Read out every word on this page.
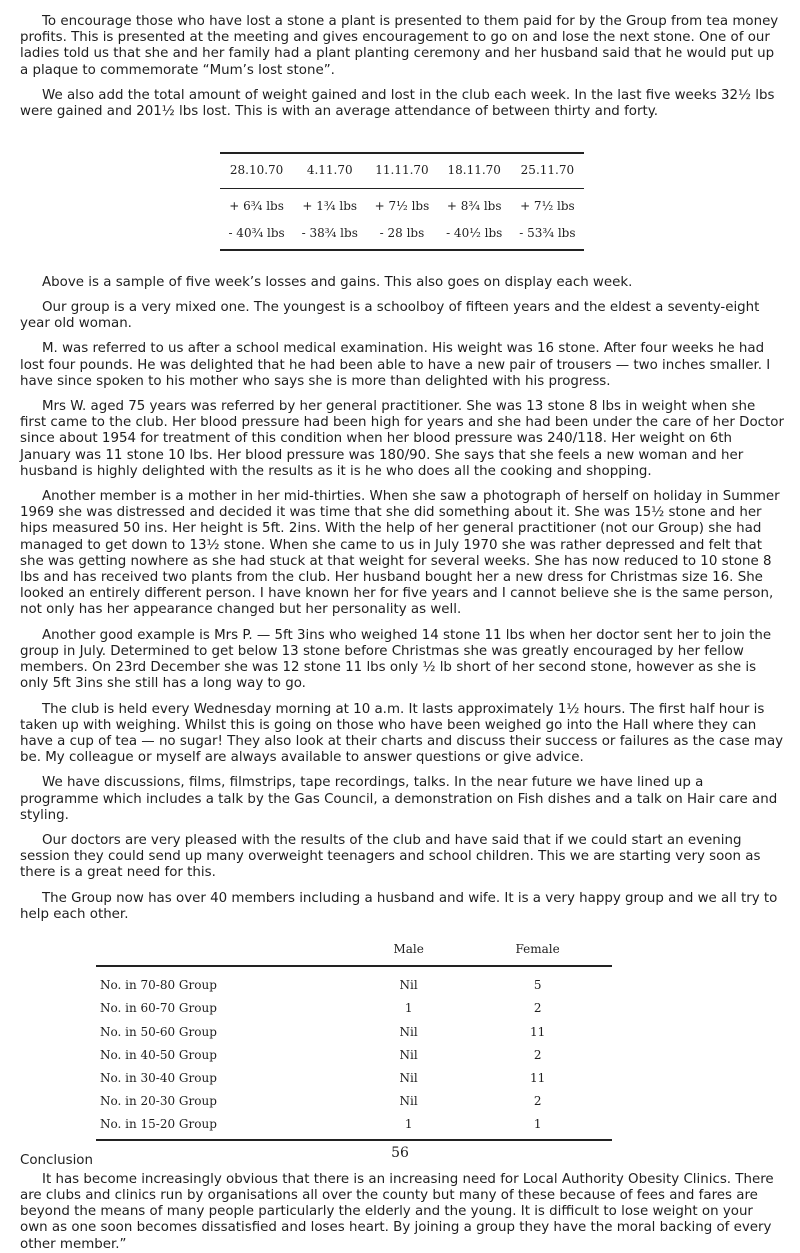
To encourage those who have lost a stone a plant is presented to them paid for by the Group from tea money profits. This is presented at the meeting and gives encouragement to go on and lose the next stone. One of our ladies told us that she and her family had a plant planting ceremony and her husband said that he would put up a plaque to commemorate “Mum’s lost stone”.

We also add the total amount of weight gained and lost in the club each week. In the last five weeks 32½ lbs were gained and 201½ lbs lost. This is with an average attendance of between thirty and forty.

28.10.70	4.11.70	11.11.70	18.11.70	25.11.70
+ 6¾ lbs	+ 1¾ lbs	+ 7½ lbs	+ 8¾ lbs	+ 7½ lbs
- 40¾ lbs	- 38¾ lbs	- 28 lbs	- 40½ lbs	- 53¾ lbs

Above is a sample of five week’s losses and gains. This also goes on display each week.

Our group is a very mixed one. The youngest is a schoolboy of fifteen years and the eldest a seventy-eight year old woman.

M. was referred to us after a school medical examination. His weight was 16 stone. After four weeks he had lost four pounds. He was delighted that he had been able to have a new pair of trousers — two inches smaller. I have since spoken to his mother who says she is more than delighted with his progress.

Mrs W. aged 75 years was referred by her general practitioner. She was 13 stone 8 lbs in weight when she first came to the club. Her blood pressure had been high for years and she had been under the care of her Doctor since about 1954 for treatment of this condition when her blood pressure was 240/118. Her weight on 6th January was 11 stone 10 lbs. Her blood pressure was 180/90. She says that she feels a new woman and her husband is highly delighted with the results as it is he who does all the cooking and shopping.

Another member is a mother in her mid-thirties. When she saw a photograph of herself on holiday in Summer 1969 she was distressed and decided it was time that she did something about it. She was 15½ stone and her hips measured 50 ins. Her height is 5ft. 2ins. With the help of her general practitioner (not our Group) she had managed to get down to 13½ stone. When she came to us in July 1970 she was rather depressed and felt that she was getting nowhere as she had stuck at that weight for several weeks. She has now reduced to 10 stone 8 lbs and has received two plants from the club. Her husband bought her a new dress for Christmas size 16. She looked an entirely different person. I have known her for five years and I cannot believe she is the same person, not only has her appearance changed but her personality as well.

Another good example is Mrs P. — 5ft 3ins who weighed 14 stone 11 lbs when her doctor sent her to join the group in July. Determined to get below 13 stone before Christmas she was greatly encouraged by her fellow members. On 23rd December she was 12 stone 11 lbs only ½ lb short of her second stone, however as she is only 5ft 3ins she still has a long way to go.

The club is held every Wednesday morning at 10 a.m. It lasts approximately 1½ hours. The first half hour is taken up with weighing. Whilst this is going on those who have been weighed go into the Hall where they can have a cup of tea — no sugar! They also look at their charts and discuss their success or failures as the case may be. My colleague or myself are always available to answer questions or give advice.

We have discussions, films, filmstrips, tape recordings, talks. In the near future we have lined up a programme which includes a talk by the Gas Council, a demonstration on Fish dishes and a talk on Hair care and styling.

Our doctors are very pleased with the results of the club and have said that if we could start an evening session they could send up many overweight teenagers and school children. This we are starting very soon as there is a great need for this.

The Group now has over 40 members including a husband and wife. It is a very happy group and we all try to help each other.

	Male	Female
No. in 70-80 Group	Nil	5
No. in 60-70 Group	1	2
No. in 50-60 Group	Nil	11
No. in 40-50 Group	Nil	2
No. in 30-40 Group	Nil	11
No. in 20-30 Group	Nil	2
No. in 15-20 Group	1	1
Conclusion

It has become increasingly obvious that there is an increasing need for Local Authority Obesity Clinics. There are clubs and clinics run by organisations all over the county but many of these because of fees and fares are beyond the means of many people particularly the elderly and the young. It is difficult to lose weight on your own as one soon becomes dissatisfied and loses heart. By joining a group they have the moral backing of every other member.”

56
